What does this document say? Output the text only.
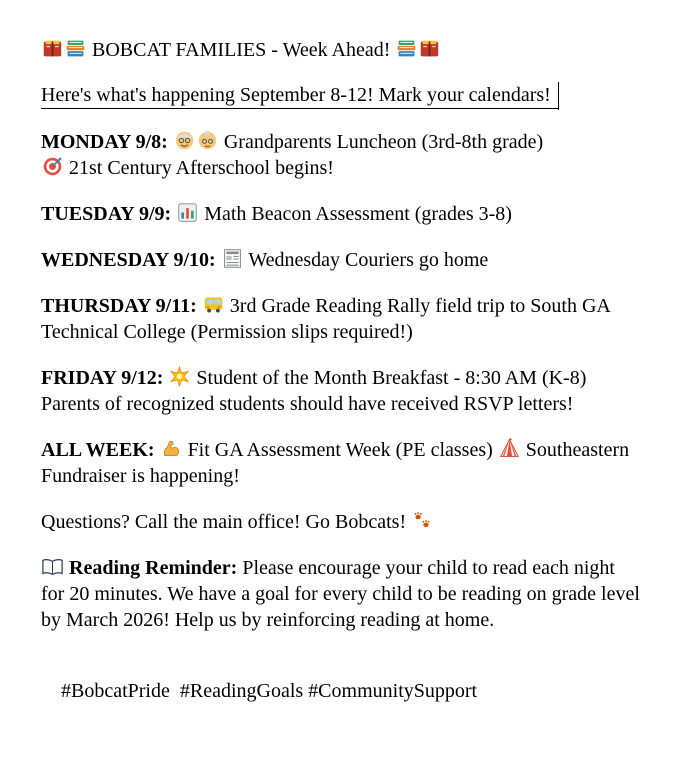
BOBCAT FAMILIES - Week Ahead!
Here's what's happening September 8-12! Mark your calendars!
MONDAY 9/8:	Grandparents Luncheon (3rd-8th grade)

21st Century Afterschool begins!
TUESDAY 9/9: Math Beacon Assessment (grades 3-8)
WEDNESDAY 9/10: Wednesday Couriers go home
THURSDAY 9/11: 3rd Grade Reading Rally field trip to South GA Technical College (Permission slips required!)
FRIDAY 9/12: Student of the Month Breakfast - 8:30 AM (K-8) Parents of recognized students should have received RSVP letters!
ALL WEEK: Fit GA Assessment Week (PE classes) Southeastern Fundraiser is happening!
Questions? Call the main office! Go Bobcats!
Reading Reminder: Please encourage your child to read each night for 20 minutes. We have a goal for every child to be reading on grade level by March 2026! Help us by reinforcing reading at home.

#BobcatPride  #ReadingGoals #CommunitySupport
